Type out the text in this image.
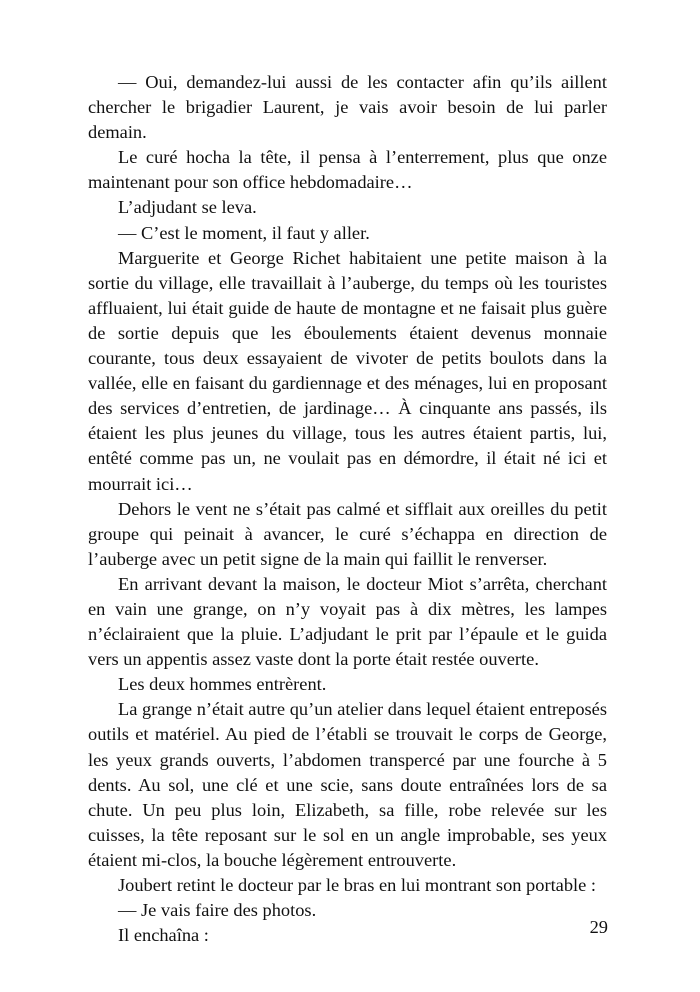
— Oui, demandez-lui aussi de les contacter afin qu’ils aillent chercher le brigadier Laurent, je vais avoir besoin de lui parler demain.

Le curé hocha la tête, il pensa à l’enterrement, plus que onze maintenant pour son office hebdomadaire…

L’adjudant se leva.

— C’est le moment, il faut y aller.

Marguerite et George Richet habitaient une petite maison à la sortie du village, elle travaillait à l’auberge, du temps où les touristes affluaient, lui était guide de haute de montagne et ne faisait plus guère de sortie depuis que les éboulements étaient devenus monnaie courante, tous deux essayaient de vivoter de petits boulots dans la vallée, elle en faisant du gardiennage et des ménages, lui en proposant des services d’entretien, de jardinage… À cinquante ans passés, ils étaient les plus jeunes du village, tous les autres étaient partis, lui, entêté comme pas un, ne voulait pas en démordre, il était né ici et mourrait ici…

Dehors le vent ne s’était pas calmé et sifflait aux oreilles du petit groupe qui peinait à avancer, le curé s’échappa en direction de l’auberge avec un petit signe de la main qui faillit le renverser.

En arrivant devant la maison, le docteur Miot s’arrêta, cherchant en vain une grange, on n’y voyait pas à dix mètres, les lampes n’éclairaient que la pluie. L’adjudant le prit par l’épaule et le guida vers un appentis assez vaste dont la porte était restée ouverte.

Les deux hommes entrèrent.

La grange n’était autre qu’un atelier dans lequel étaient entreposés outils et matériel. Au pied de l’établi se trouvait le corps de George, les yeux grands ouverts, l’abdomen transpercé par une fourche à 5 dents. Au sol, une clé et une scie, sans doute entraînées lors de sa chute. Un peu plus loin, Elizabeth, sa fille, robe relevée sur les cuisses, la tête reposant sur le sol en un angle improbable, ses yeux étaient mi-clos, la bouche légèrement entrouverte.

Joubert retint le docteur par le bras en lui montrant son portable :

— Je vais faire des photos.

Il enchaîna :	29
